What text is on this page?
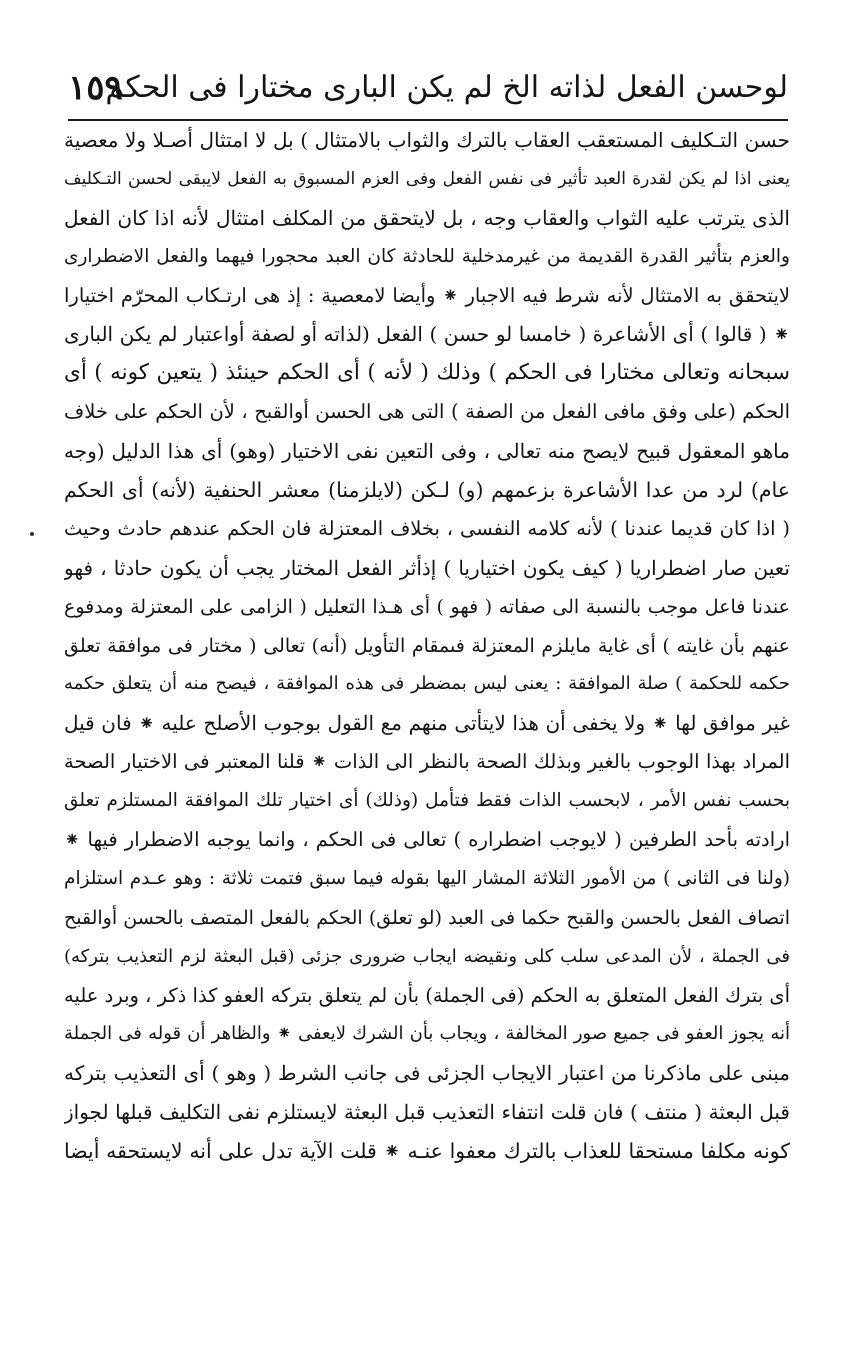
لوحسن الفعل لذاته الخ لم يكن البارى مختارا فى الحكم
١٥٩
حسن التـكليف المستعقب العقاب بالترك والثواب بالامتثال ) بل لا امتثال أصـلا ولا معصية
يعنى اذا لم يكن لقدرة العبد تأثير فى نفس الفعل وفى العزم المسبوق به الفعل لايبقى لحسن التـكليف
الذى يترتب عليه الثواب والعقاب وجه ، بل لايتحقق من المكلف امتثال لأنه اذا كان الفعل
والعزم بتأثير القدرة القديمة من غيرمدخلية للحادثة كان العبد محجورا فيهما والفعل الاضطرارى
لايتحقق به الامتثال لأنه شرط فيه الاجبار ⁕ وأيضا لامعصية : إذ هى ارتـكاب المحرّم اختيارا
⁕ ( قالوا ) أى الأشاعرة ( خامسا لو حسن ) الفعل (لذاته أو لصفة أواعتبار لم يكن البارى
سبحانه وتعالى مختارا فى الحكم ) وذلك ( لأنه ) أى الحكم حينئذ ( يتعين كونه ) أى
الحكم (على وفق مافى الفعل من الصفة ) التى هى الحسن أوالقبح ، لأن الحكم على خلاف
ماهو المعقول قبيح لايصح منه تعالى ، وفى التعين نفى الاختيار (وهو) أى هذا الدليل (وجه
عام) لرد من عدا الأشاعرة بزعمهم (و) لـكن (لايلزمنا) معشر الحنفية (لأنه) أى الحكم
( اذا كان قديما عندنا ) لأنه كلامه النفسى ، بخلاف المعتزلة فان الحكم عندهم حادث وحيث
تعين صار اضطراريا ( كيف يكون اختياريا ) إذأثر الفعل المختار يجب أن يكون حادثا ، فهو
عندنا فاعل موجب بالنسبة الى صفاته ( فهو ) أى هـذا التعليل ( الزامى على المعتزلة ومدفوع
عنهم بأن غايته ) أى غاية مايلزم المعتزلة فىمقام التأويل (أنه) تعالى ( مختار فى موافقة تعلق
حكمه للحكمة ) صلة الموافقة : يعنى ليس بمضطر فى هذه الموافقة ، فيصح منه أن يتعلق حكمه
غير موافق لها ⁕ ولا يخفى أن هذا لايتأتى منهم مع القول بوجوب الأصلح عليه ⁕ فان قيل
المراد بهذا الوجوب بالغير وبذلك الصحة بالنظر الى الذات ⁕ قلنا المعتبر فى الاختيار الصحة
بحسب نفس الأمر ، لابحسب الذات فقط فتأمل (وذلك) أى اختيار تلك الموافقة المستلزم تعلق
ارادته بأحد الطرفين ( لايوجب اضطراره ) تعالى فى الحكم ، وانما يوجبه الاضطرار فيها ⁕
(ولنا فى الثانى ) من الأمور الثلاثة المشار اليها بقوله فيما سبق فتمت ثلاثة : وهو عـدم استلزام
اتصاف الفعل بالحسن والقبح حكما فى العبد (لو تعلق) الحكم بالفعل المتصف بالحسن أوالقبح
فى الجملة ، لأن المدعى سلب كلى ونقيضه ايجاب ضرورى جزئى (قبل البعثة لزم التعذيب بتركه)
أى بترك الفعل المتعلق به الحكم (فى الجملة) بأن لم يتعلق بتركه العفو كذا ذكر ، وبرد عليه
أنه يجوز العفو فى جميع صور المخالفة ، ويجاب بأن الشرك لايعفى ⁕ والظاهر أن قوله فى الجملة
مبنى على ماذكرنا من اعتبار الايجاب الجزئى فى جانب الشرط ( وهو ) أى التعذيب بتركه
قبل البعثة ( منتف ) فان قلت انتفاء التعذيب قبل البعثة لايستلزم نفى التكليف قبلها لجواز
كونه مكلفا مستحقا للعذاب بالترك معفوا عنـه ⁕ قلت الآية تدل على أنه لايستحقه أيضا
